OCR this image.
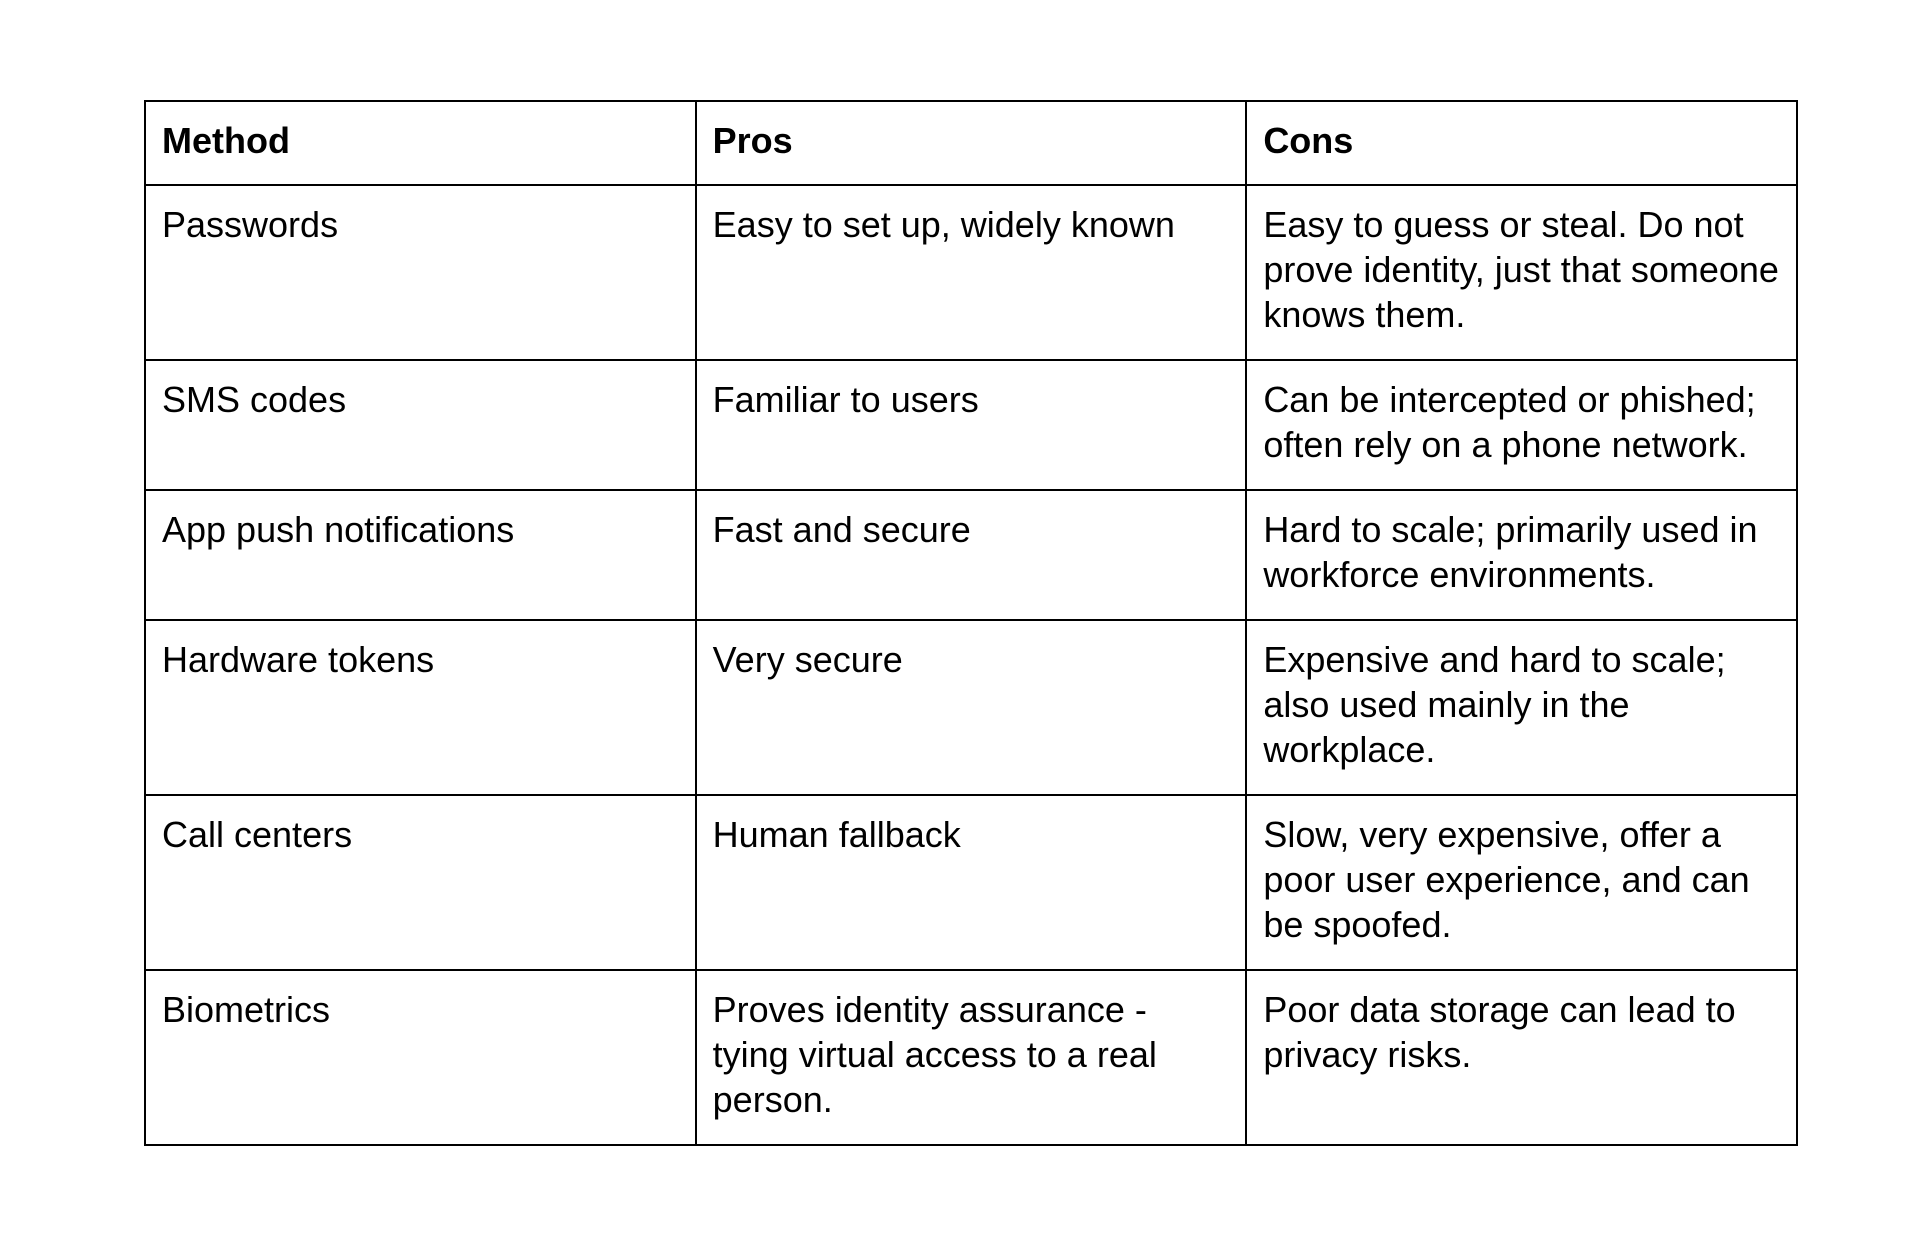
Method	Pros	Cons
Passwords	Easy to set up, widely known	Easy to guess or steal. Do not prove identity, just that someone knows them.
SMS codes	Familiar to users	Can be intercepted or phished; often rely on a phone network.
App push notifications	Fast and secure	Hard to scale; primarily used in workforce environments.
Hardware tokens	Very secure	Expensive and hard to scale; also used mainly in the workplace.
Call centers	Human fallback	Slow, very expensive, offer a poor user experience, and can be spoofed.
Biometrics	Proves identity assurance - tying virtual access to a real person.	Poor data storage can lead to privacy risks.
